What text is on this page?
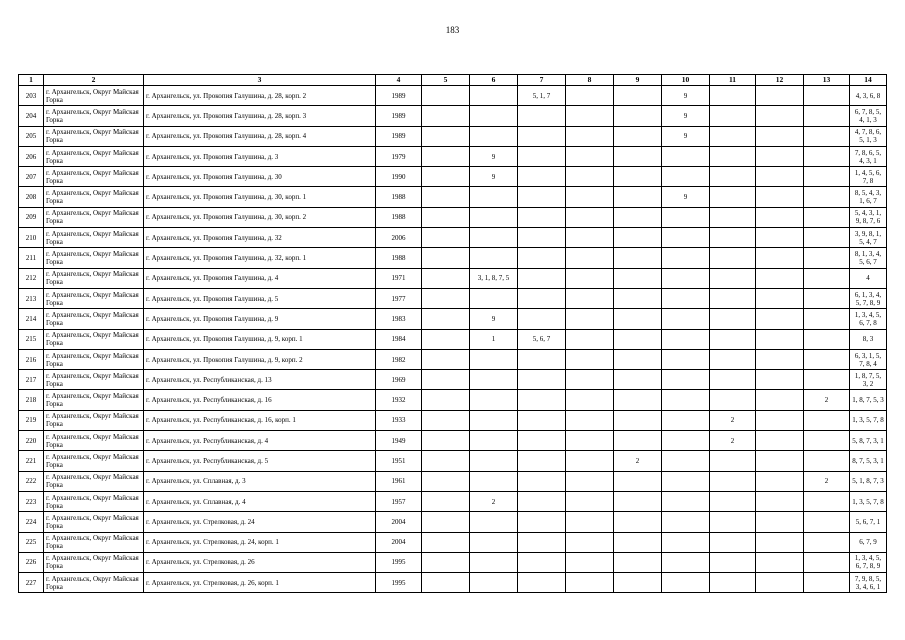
183
1	2	3	4	5	6	7	8	9	10	11	12	13	14
203	г. Архангельск, Округ Майская Горка	г. Архангельск, ул. Прокопия Галушина, д. 28, корп. 2	1989			5, 1, 7			9				4, 3, 6, 8
204	г. Архангельск, Округ Майская Горка	г. Архангельск, ул. Прокопия Галушина, д. 28, корп. 3	1989						9				6, 7, 8, 5, 4, 1, 3
205	г. Архангельск, Округ Майская Горка	г. Архангельск, ул. Прокопия Галушина, д. 28, корп. 4	1989						9				4, 7, 8, 6, 5, 1, 3
206	г. Архангельск, Округ Майская Горка	г. Архангельск, ул. Прокопия Галушина, д. 3	1979		9								7, 8, 6, 5, 4, 3, 1
207	г. Архангельск, Округ Майская Горка	г. Архангельск, ул. Прокопия Галушина, д. 30	1990		9								1, 4, 5, 6, 7, 8
208	г. Архангельск, Округ Майская Горка	г. Архангельск, ул. Прокопия Галушина, д. 30, корп. 1	1988						9				8, 5, 4, 3, 1, 6, 7
209	г. Архангельск, Округ Майская Горка	г. Архангельск, ул. Прокопия Галушина, д. 30, корп. 2	1988										5, 4, 3, 1, 9, 8, 7, 6
210	г. Архангельск, Округ Майская Горка	г. Архангельск, ул. Прокопия Галушина, д. 32	2006										3, 9, 8, 1, 5, 4, 7
211	г. Архангельск, Округ Майская Горка	г. Архангельск, ул. Прокопия Галушина, д. 32, корп. 1	1988										8, 1, 3, 4, 5, 6, 7
212	г. Архангельск, Округ Майская Горка	г. Архангельск, ул. Прокопия Галушина, д. 4	1971		3, 1, 8, 7, 5								4
213	г. Архангельск, Округ Майская Горка	г. Архангельск, ул. Прокопия Галушина, д. 5	1977										6, 1, 3, 4, 5, 7, 8, 9
214	г. Архангельск, Округ Майская Горка	г. Архангельск, ул. Прокопия Галушина, д. 9	1983		9								1, 3, 4, 5, 6, 7, 8
215	г. Архангельск, Округ Майская Горка	г. Архангельск, ул. Прокопия Галушина, д. 9, корп. 1	1984		1	5, 6, 7							8, 3
216	г. Архангельск, Округ Майская Горка	г. Архангельск, ул. Прокопия Галушина, д. 9, корп. 2	1982										6, 3, 1, 5, 7, 8, 4
217	г. Архангельск, Округ Майская Горка	г. Архангельск, ул. Республиканская, д. 13	1969										1, 8, 7, 5, 3, 2
218	г. Архангельск, Округ Майская Горка	г. Архангельск, ул. Республиканская, д. 16	1932									2	1, 8, 7, 5, 3
219	г. Архангельск, Округ Майская Горка	г. Архангельск, ул. Республиканская, д. 16, корп. 1	1933							2			1, 3, 5, 7, 8
220	г. Архангельск, Округ Майская Горка	г. Архангельск, ул. Республиканская, д. 4	1949							2			5, 8, 7, 3, 1
221	г. Архангельск, Округ Майская Горка	г. Архангельск, ул. Республиканская, д. 5	1951					2					8, 7, 5, 3, 1
222	г. Архангельск, Округ Майская Горка	г. Архангельск, ул. Сплавная, д. 3	1961									2	5, 1, 8, 7, 3
223	г. Архангельск, Округ Майская Горка	г. Архангельск, ул. Сплавная, д. 4	1957		2								1, 3, 5, 7, 8
224	г. Архангельск, Округ Майская Горка	г. Архангельск, ул. Стрелковая, д. 24	2004										5, 6, 7, 1
225	г. Архангельск, Округ Майская Горка	г. Архангельск, ул. Стрелковая, д. 24, корп. 1	2004										6, 7, 9
226	г. Архангельск, Округ Майская Горка	г. Архангельск, ул. Стрелковая, д. 26	1995										1, 3, 4, 5, 6, 7, 8, 9
227	г. Архангельск, Округ Майская Горка	г. Архангельск, ул. Стрелковая, д. 26, корп. 1	1995										7, 9, 8, 5, 3, 4, 6, 1
